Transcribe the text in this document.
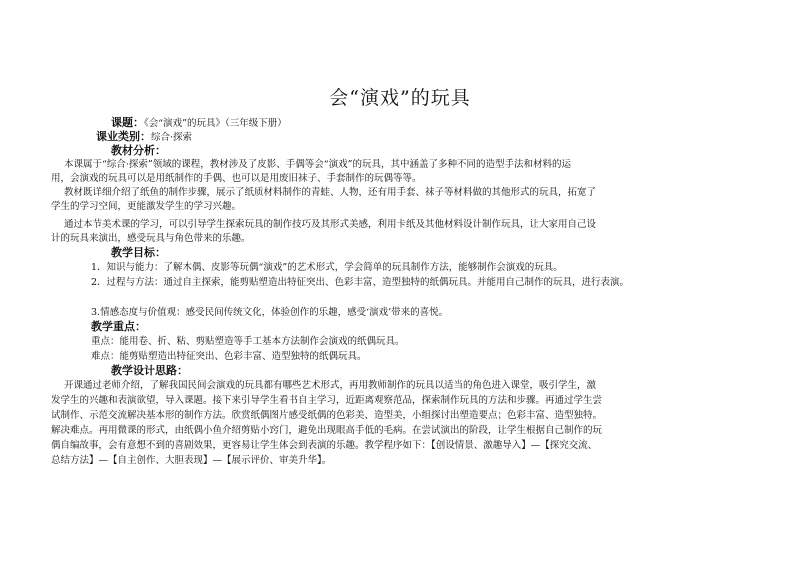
会“演戏”的玩具
课题：《会“演戏”的玩具》（三年级下册）
课业类别：综合·探索
教材分析：
本课属于“综合·探索”领域的课程，教材涉及了皮影、手偶等会“演戏”的玩具，其中涵盖了多种不同的造型手法和材料的运
用，会演戏的玩具可以是用纸制作的手偶、也可以是用废旧袜子、手套制作的玩偶等等。
教材既详细介绍了纸鱼的制作步骤，展示了纸质材料制作的青蛙、人物，还有用手套、袜子等材料做的其他形式的玩具，拓宽了
学生的学习空间，更能激发学生的学习兴趣。
通过本节美术课的学习，可以引导学生探索玩具的制作技巧及其形式美感，利用卡纸及其他材料设计制作玩具，让大家用自己设
计的玩具来演出，感受玩具与角色带来的乐趣。
教学目标：
1．知识与能力：了解木偶、皮影等玩偶“演戏”的艺术形式，学会简单的玩具制作方法，能够制作会演戏的玩具。
2．过程与方法：通过自主探索，能剪贴塑造出特征突出、色彩丰富、造型独特的纸偶玩具。并能用自己制作的玩具，进行表演。
3.情感态度与价值观：感受民间传统文化，体验创作的乐趣，感受‘演戏’带来的喜悦。
教学重点：
重点：能用卷、折、粘、剪贴塑造等手工基本方法制作会演戏的纸偶玩具。
难点：能剪贴塑造出特征突出、色彩丰富、造型独特的纸偶玩具。
教学设计思路：
开课通过老师介绍，了解我国民间会演戏的玩具都有哪些艺术形式，再用教师制作的玩具以适当的角色进入课堂，吸引学生，激
发学生的兴趣和表演欲望，导入课题。接下来引导学生看书自主学习，近距离观察范品，探索制作玩具的方法和步骤。再通过学生尝
试制作、示范交流解决基本形的制作方法。欣赏纸偶图片感受纸偶的色彩美、造型美，小组探讨出塑造要点；色彩丰富、造型独特。
解决难点。再用微课的形式，由纸偶小鱼介绍剪贴小窍门，避免出现眼高手低的毛病。在尝试演出的阶段，让学生根据自己制作的玩
偶自编故事，会有意想不到的喜剧效果，更容易让学生体会到表演的乐趣。教学程序如下：【创设情景、激趣导入】—【探究交流、
总结方法】—【自主创作、大胆表现】—【展示评价、审美升华】。
